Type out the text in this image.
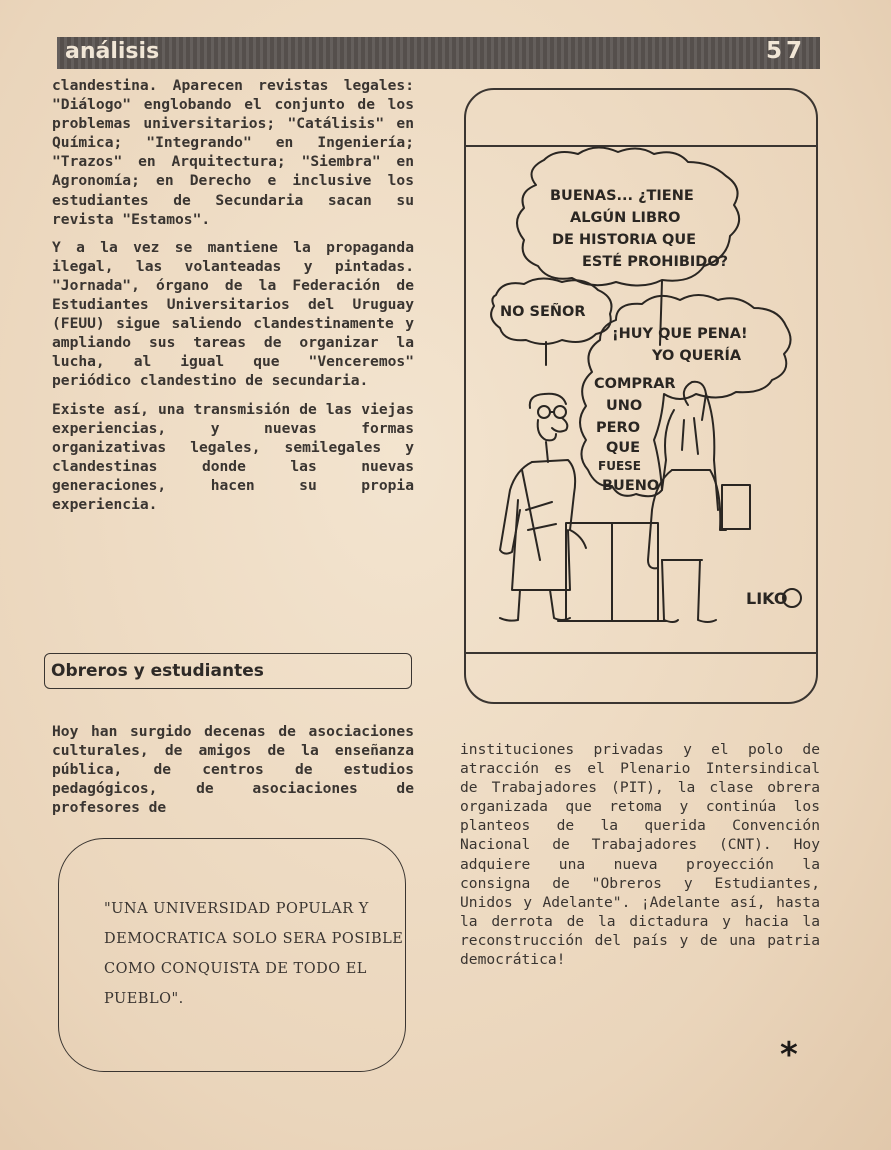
análisis	57

clandestina. Aparecen revistas legales: "Diálogo" englobando el conjunto de los problemas universitarios; "Catálisis" en Química; "Integrando" en Ingeniería; "Trazos" en Arquitectura; "Siembra" en Agronomía; en Derecho e inclusive los estudiantes de Secundaria sacan su revista "Estamos".

Y a la vez se mantiene la propaganda ilegal, las volanteadas y pintadas. "Jornada", órgano de la Federación de Estudiantes Universitarios del Uruguay (FEUU) sigue saliendo clandestinamente y ampliando sus tareas de organizar la lucha, al igual que "Venceremos" periódico clandestino de secundaria.

Existe así, una transmisión de las viejas experiencias, y nuevas formas organizativas legales, semilegales y clandestinas donde las nuevas generaciones, hacen su propia experiencia.

Obreros y estudiantes

Hoy han surgido decenas de asociaciones culturales, de amigos de la enseñanza pública, de centros de estudios pedagógicos, de asociaciones de profesores de

"UNA UNIVERSIDAD POPULAR Y DEMOCRATICA SOLO SERA POSIBLE COMO CONQUISTA DE TODO EL PUEBLO".

BUENAS... ¿TIENE
ALGÚN LIBRO
DE HISTORIA QUE
ESTÉ PROHIBIDO?
NO SEÑOR
¡HUY QUE PENA!
YO QUERÍA
COMPRAR
UNO
PERO
QUE
FUESE
BUENO
LIKO

instituciones privadas y el polo de atracción es el Plenario Intersindical de Trabajadores (PIT), la clase obrera organizada que retoma y continúa los planteos de la querida Convención Nacional de Trabajadores (CNT). Hoy adquiere una nueva proyección la consigna de "Obreros y Estudiantes, Unidos y Adelante". ¡Adelante así, hasta la derrota de la dictadura y hacia la reconstrucción del país y de una patria democrática!

*
